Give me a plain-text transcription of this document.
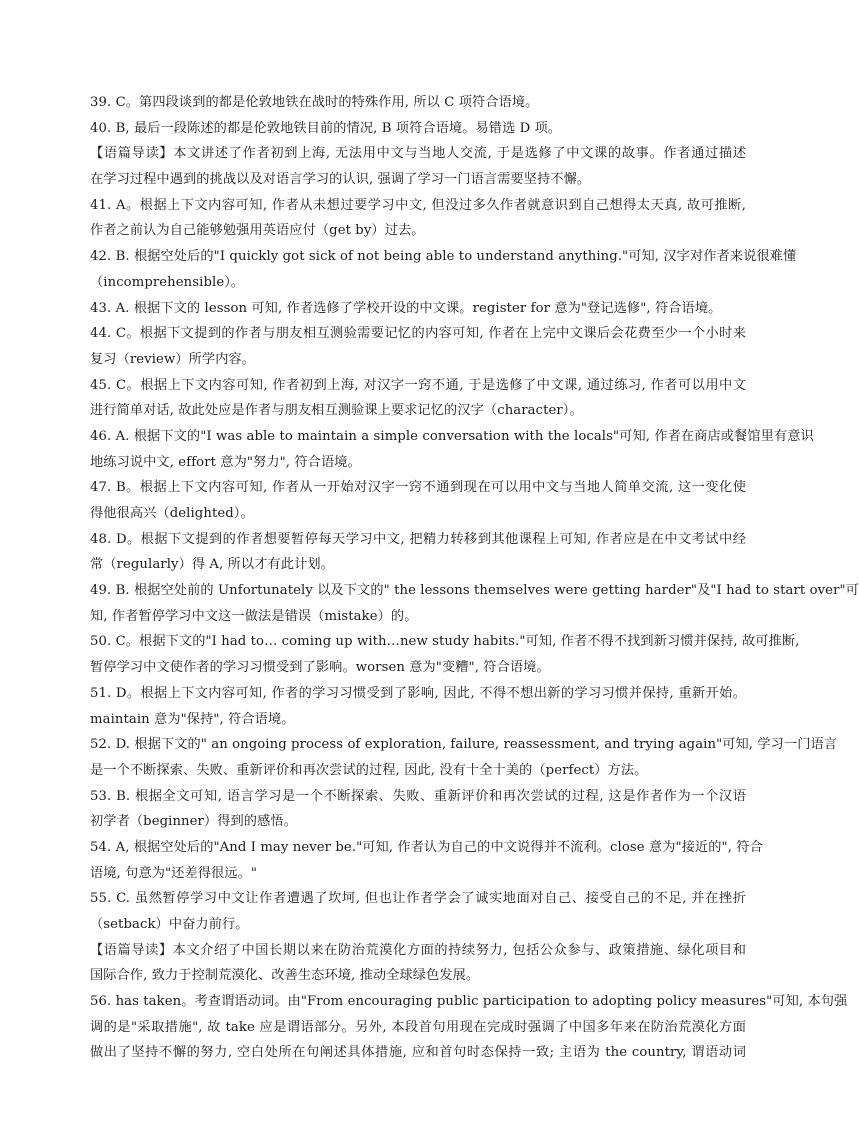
39. C。第四段谈到的都是伦敦地铁在战时的特殊作用, 所以 C 项符合语境。
40. B, 最后一段陈述的都是伦敦地铁目前的情况, B 项符合语境。易错选 D 项。
【语篇导读】本文讲述了作者初到上海, 无法用中文与当地人交流, 于是选修了中文课的故事。作者通过描述
在学习过程中遇到的挑战以及对语言学习的认识, 强调了学习一门语言需要坚持不懈。
41. A。根据上下文内容可知, 作者从未想过要学习中文, 但没过多久作者就意识到自己想得太天真, 故可推断,
作者之前认为自己能够勉强用英语应付（get by）过去。
42. B. 根据空处后的"I quickly got sick of not being able to understand anything."可知, 汉字对作者来说很难懂
（incomprehensible）。
43. A. 根据下文的 lesson 可知, 作者选修了学校开设的中文课。register for 意为"登记选修", 符合语境。
44. C。根据下文提到的作者与朋友相互测验需要记忆的内容可知, 作者在上完中文课后会花费至少一个小时来
复习（review）所学内容。
45. C。根据上下文内容可知, 作者初到上海, 对汉字一窍不通, 于是选修了中文课, 通过练习, 作者可以用中文
进行简单对话, 故此处应是作者与朋友相互测验课上要求记忆的汉字（character）。
46. A. 根据下文的"I was able to maintain a simple conversation with the locals"可知, 作者在商店或餐馆里有意识
地练习说中文, effort 意为"努力", 符合语境。
47. B。根据上下文内容可知, 作者从一开始对汉字一窍不通到现在可以用中文与当地人简单交流, 这一变化使
得他很高兴（delighted）。
48. D。根据下文提到的作者想要暂停每天学习中文, 把精力转移到其他课程上可知, 作者应是在中文考试中经
常（regularly）得 A, 所以才有此计划。
49. B. 根据空处前的 Unfortunately 以及下文的" the lessons themselves were getting harder"及"I had to start over"可
知, 作者暂停学习中文这一做法是错误（mistake）的。
50. C。根据下文的"I had to… coming up with…new study habits."可知, 作者不得不找到新习惯并保持, 故可推断,
暂停学习中文使作者的学习习惯受到了影响。worsen 意为"变糟", 符合语境。
51. D。根据上下文内容可知, 作者的学习习惯受到了影响, 因此, 不得不想出新的学习习惯并保持, 重新开始。
maintain 意为"保持", 符合语境。
52. D. 根据下文的" an ongoing process of exploration, failure, reassessment, and trying again"可知, 学习一门语言
是一个不断探索、失败、重新评价和再次尝试的过程, 因此, 没有十全十美的（perfect）方法。
53. B. 根据全文可知, 语言学习是一个不断探索、失败、重新评价和再次尝试的过程, 这是作者作为一个汉语
初学者（beginner）得到的感悟。
54. A, 根据空处后的"And I may never be."可知, 作者认为自己的中文说得并不流利。close 意为"接近的", 符合
语境, 句意为"还差得很远。"
55. C. 虽然暂停学习中文让作者遭遇了坎坷, 但也让作者学会了诚实地面对自己、接受自己的不足, 并在挫折
（setback）中奋力前行。
【语篇导读】本文介绍了中国长期以来在防治荒漠化方面的持续努力, 包括公众参与、政策措施、绿化项目和
国际合作, 致力于控制荒漠化、改善生态环境, 推动全球绿色发展。
56. has taken。考查谓语动词。由"From encouraging public participation to adopting policy measures"可知, 本句强
调的是"采取措施", 故 take 应是谓语部分。另外, 本段首句用现在完成时强调了中国多年来在防治荒漠化方面
做出了坚持不懈的努力, 空白处所在句阐述具体措施, 应和首句时态保持一致; 主语为 the country, 谓语动词
